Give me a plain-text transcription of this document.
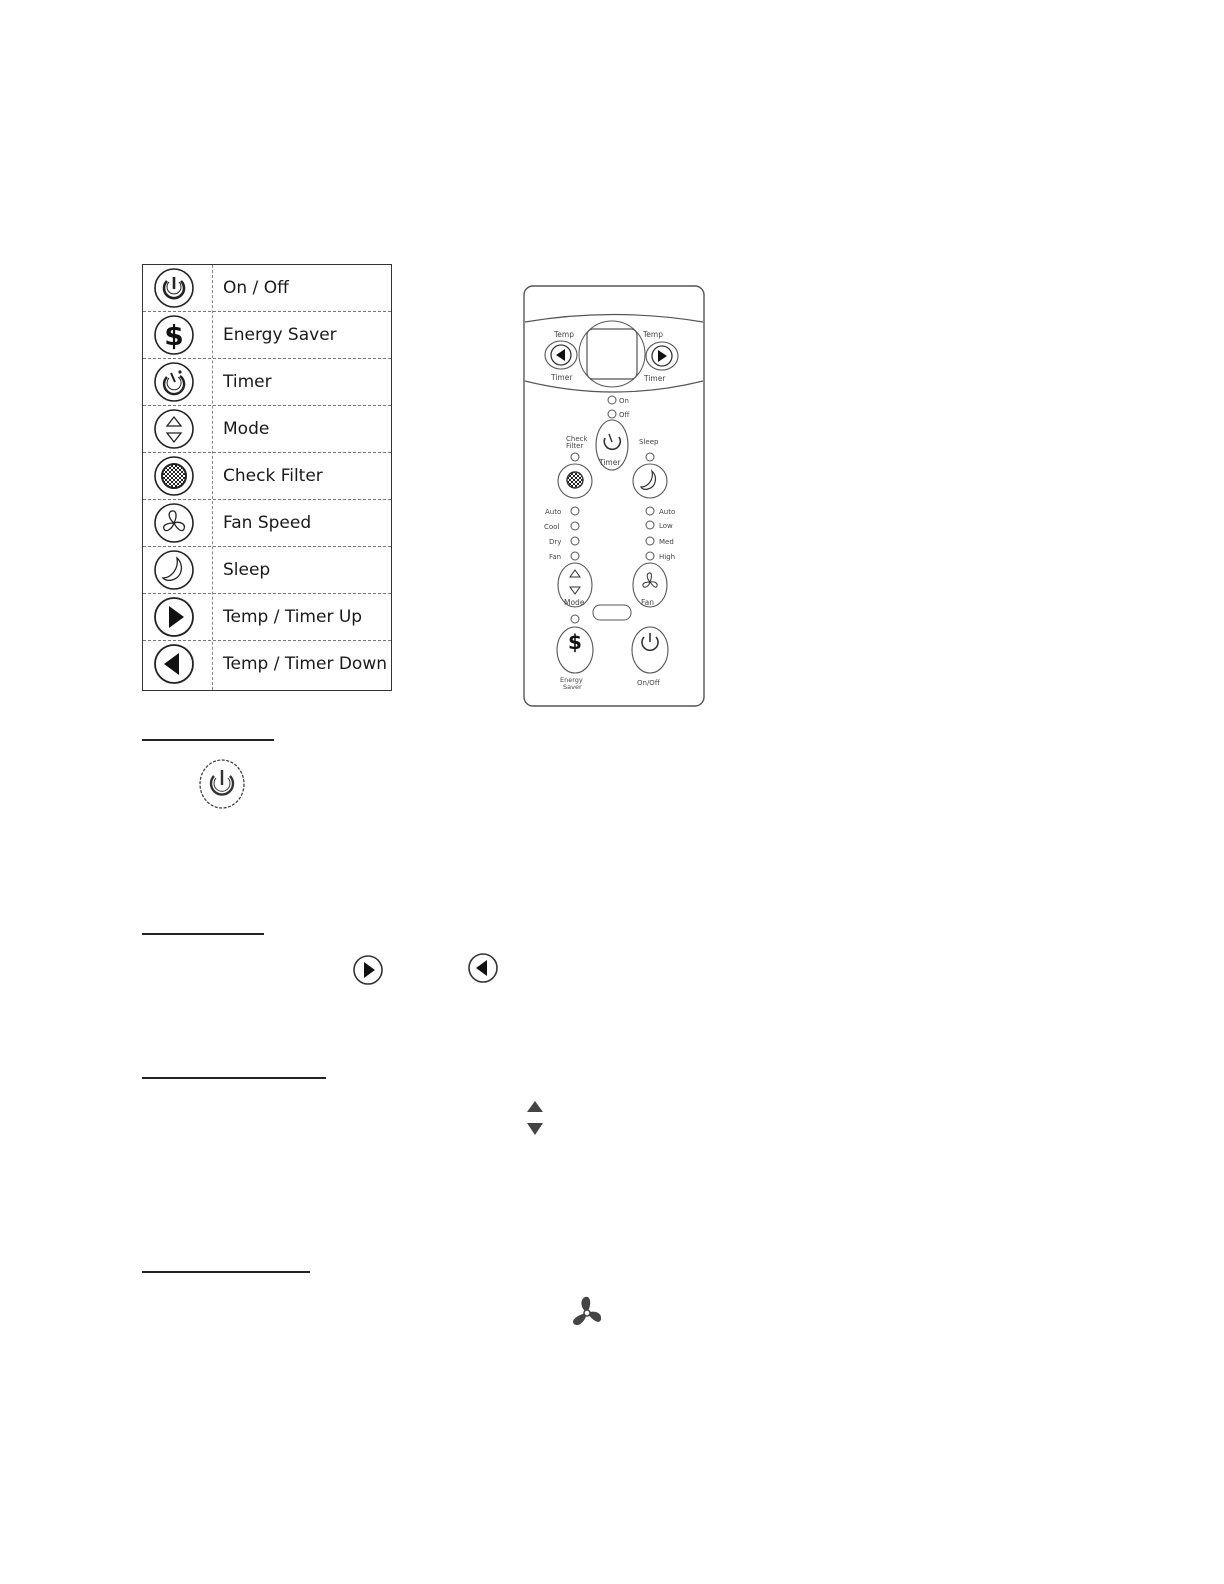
On / Off
$ Energy Saver
Timer
Mode
Check Filter
Fan Speed
Sleep
Temp / Timer Up
Temp / Timer Down
Temp
Timer
Temp
Timer
On
Off
Timer
Check
Filter	Sleep
Auto
Cool
Dry
Fan
Auto
Low
Med
High
Mode	Fan
$
Energy
Saver	On/Off
